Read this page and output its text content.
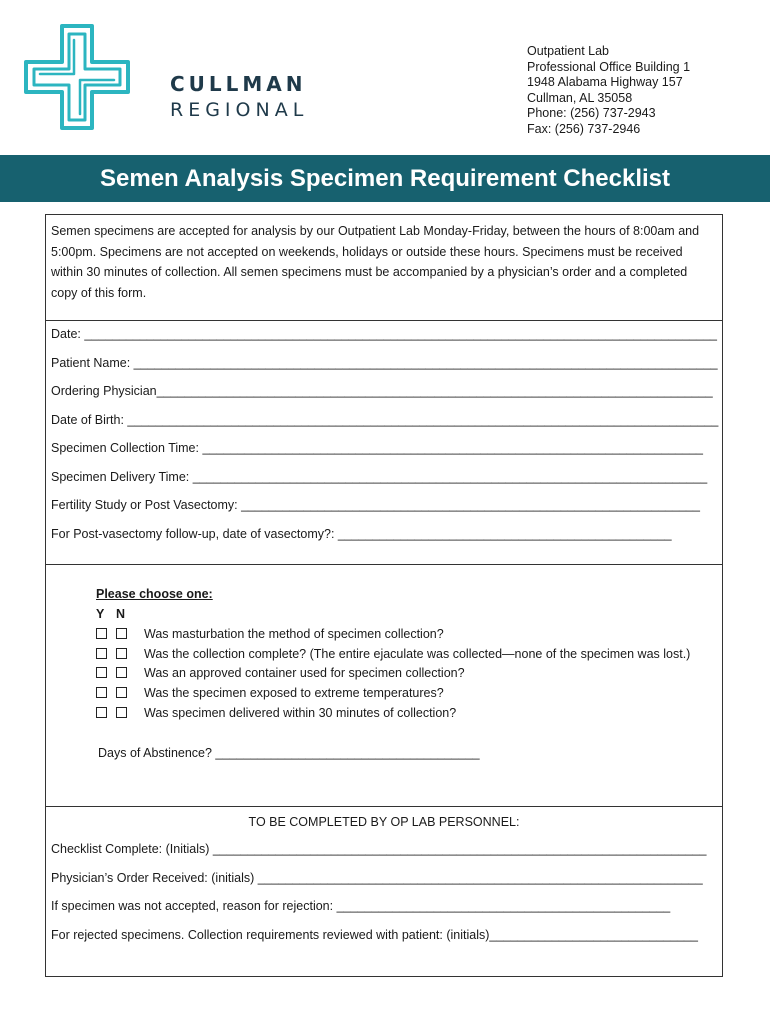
CULLMAN
REGIONAL
Outpatient Lab
Professional Office Building 1
1948 Alabama Highway 157
Cullman, AL 35058
Phone: (256) 737-2943
Fax: (256) 737-2946
Semen Analysis Specimen Requirement Checklist
Semen specimens are accepted for analysis by our Outpatient Lab Monday-Friday, between the hours of 8:00am and 5:00pm. Specimens are not accepted on weekends, holidays or outside these hours. Specimens must be received within 30 minutes of collection. All semen specimens must be accompanied by a physician’s order and a completed copy of this form.
Date: ___________________________________________________________________________________________
Patient Name: ____________________________________________________________________________________
Ordering Physician________________________________________________________________________________
Date of Birth: _____________________________________________________________________________________
Specimen Collection Time: ________________________________________________________________________
Specimen Delivery Time: __________________________________________________________________________
Fertility Study or Post Vasectomy: __________________________________________________________________
For Post-vasectomy follow-up, date of vasectomy?: ________________________________________________
Please choose one:
Y N
Was masturbation the method of specimen collection?
Was the collection complete? (The entire ejaculate was collected—none of the specimen was lost.)
Was an approved container used for specimen collection?
Was the specimen exposed to extreme temperatures?
Was specimen delivered within 30 minutes of collection?
Days of Abstinence? ______________________________________
TO BE COMPLETED BY OP LAB PERSONNEL:
Checklist Complete: (Initials) _______________________________________________________________________
Physician’s Order Received: (initials) ________________________________________________________________
If specimen was not accepted, reason for rejection: ________________________________________________
For rejected specimens. Collection requirements reviewed with patient: (initials)______________________________
